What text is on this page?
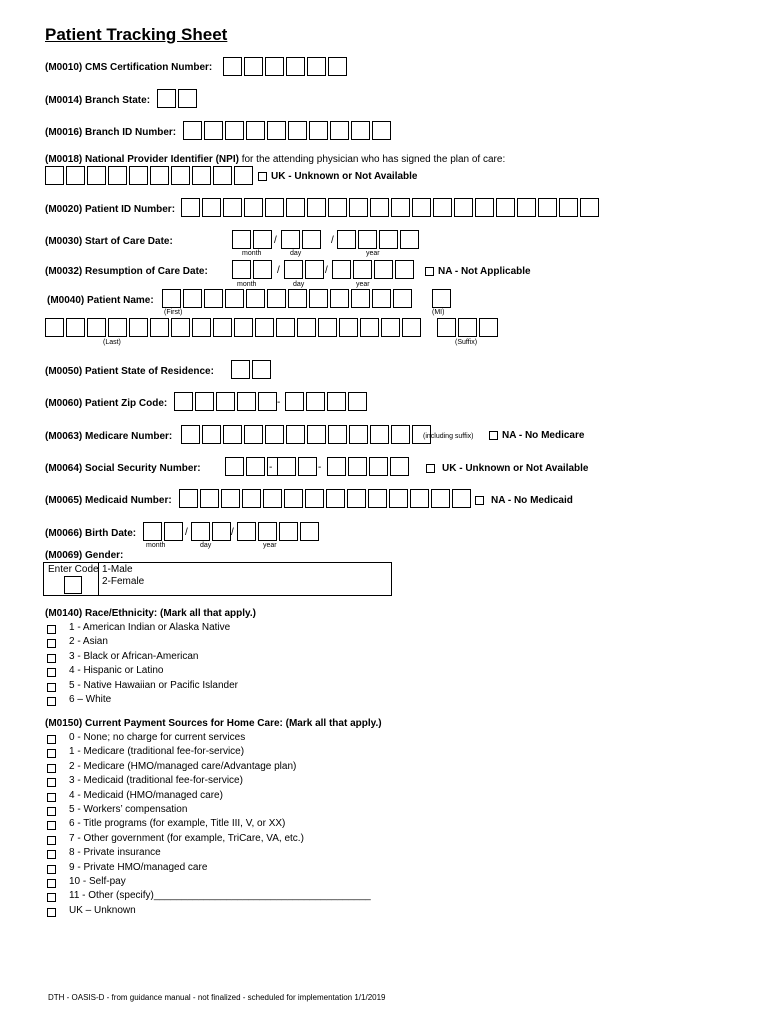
Patient Tracking Sheet
(M0010) CMS Certification Number:
(M0014) Branch State:
(M0016) Branch ID Number:
(M0018) National Provider Identifier (NPI) for the attending physician who has signed the plan of care:
UK - Unknown or Not Available
(M0020) Patient ID Number:
(M0030) Start of Care Date:	/	/
month	day	year
(M0032) Resumption of Care Date:	/	/
month	day	year
NA - Not Applicable
(M0040) Patient Name:
(First)	(MI)
(Last)	(Suffix)
(M0050) Patient State of Residence:
(M0060) Patient Zip Code:	-
(M0063) Medicare Number:	(including suffix)	NA - No Medicare
(M0064) Social Security Number:	-	-	UK - Unknown or Not Available
(M0065) Medicaid Number:	NA - No Medicaid
(M0066) Birth Date:	/	/
month	day	year
(M0069) Gender:
Enter Code 1-Male
2-Female
(M0140) Race/Ethnicity: (Mark all that apply.)
1 - American Indian or Alaska Native
2 - Asian
3 - Black or African-American
4 - Hispanic or Latino
5 - Native Hawaiian or Pacific Islander
6 – White
(M0150) Current Payment Sources for Home Care: (Mark all that apply.)
0 - None; no charge for current services
1 - Medicare (traditional fee-for-service)
2 - Medicare (HMO/managed care/Advantage plan)
3 - Medicaid (traditional fee-for-service)
4 - Medicaid (HMO/managed care)
5 - Workers’ compensation
6 - Title programs (for example, Title III, V, or XX)
7 - Other government (for example, TriCare, VA, etc.)
8 - Private insurance
9 - Private HMO/managed care
10 - Self-pay
11 - Other (specify)_______________________________________
UK – Unknown
DTH - OASIS-D - from guidance manual - not finalized - scheduled for implementation 1/1/2019
